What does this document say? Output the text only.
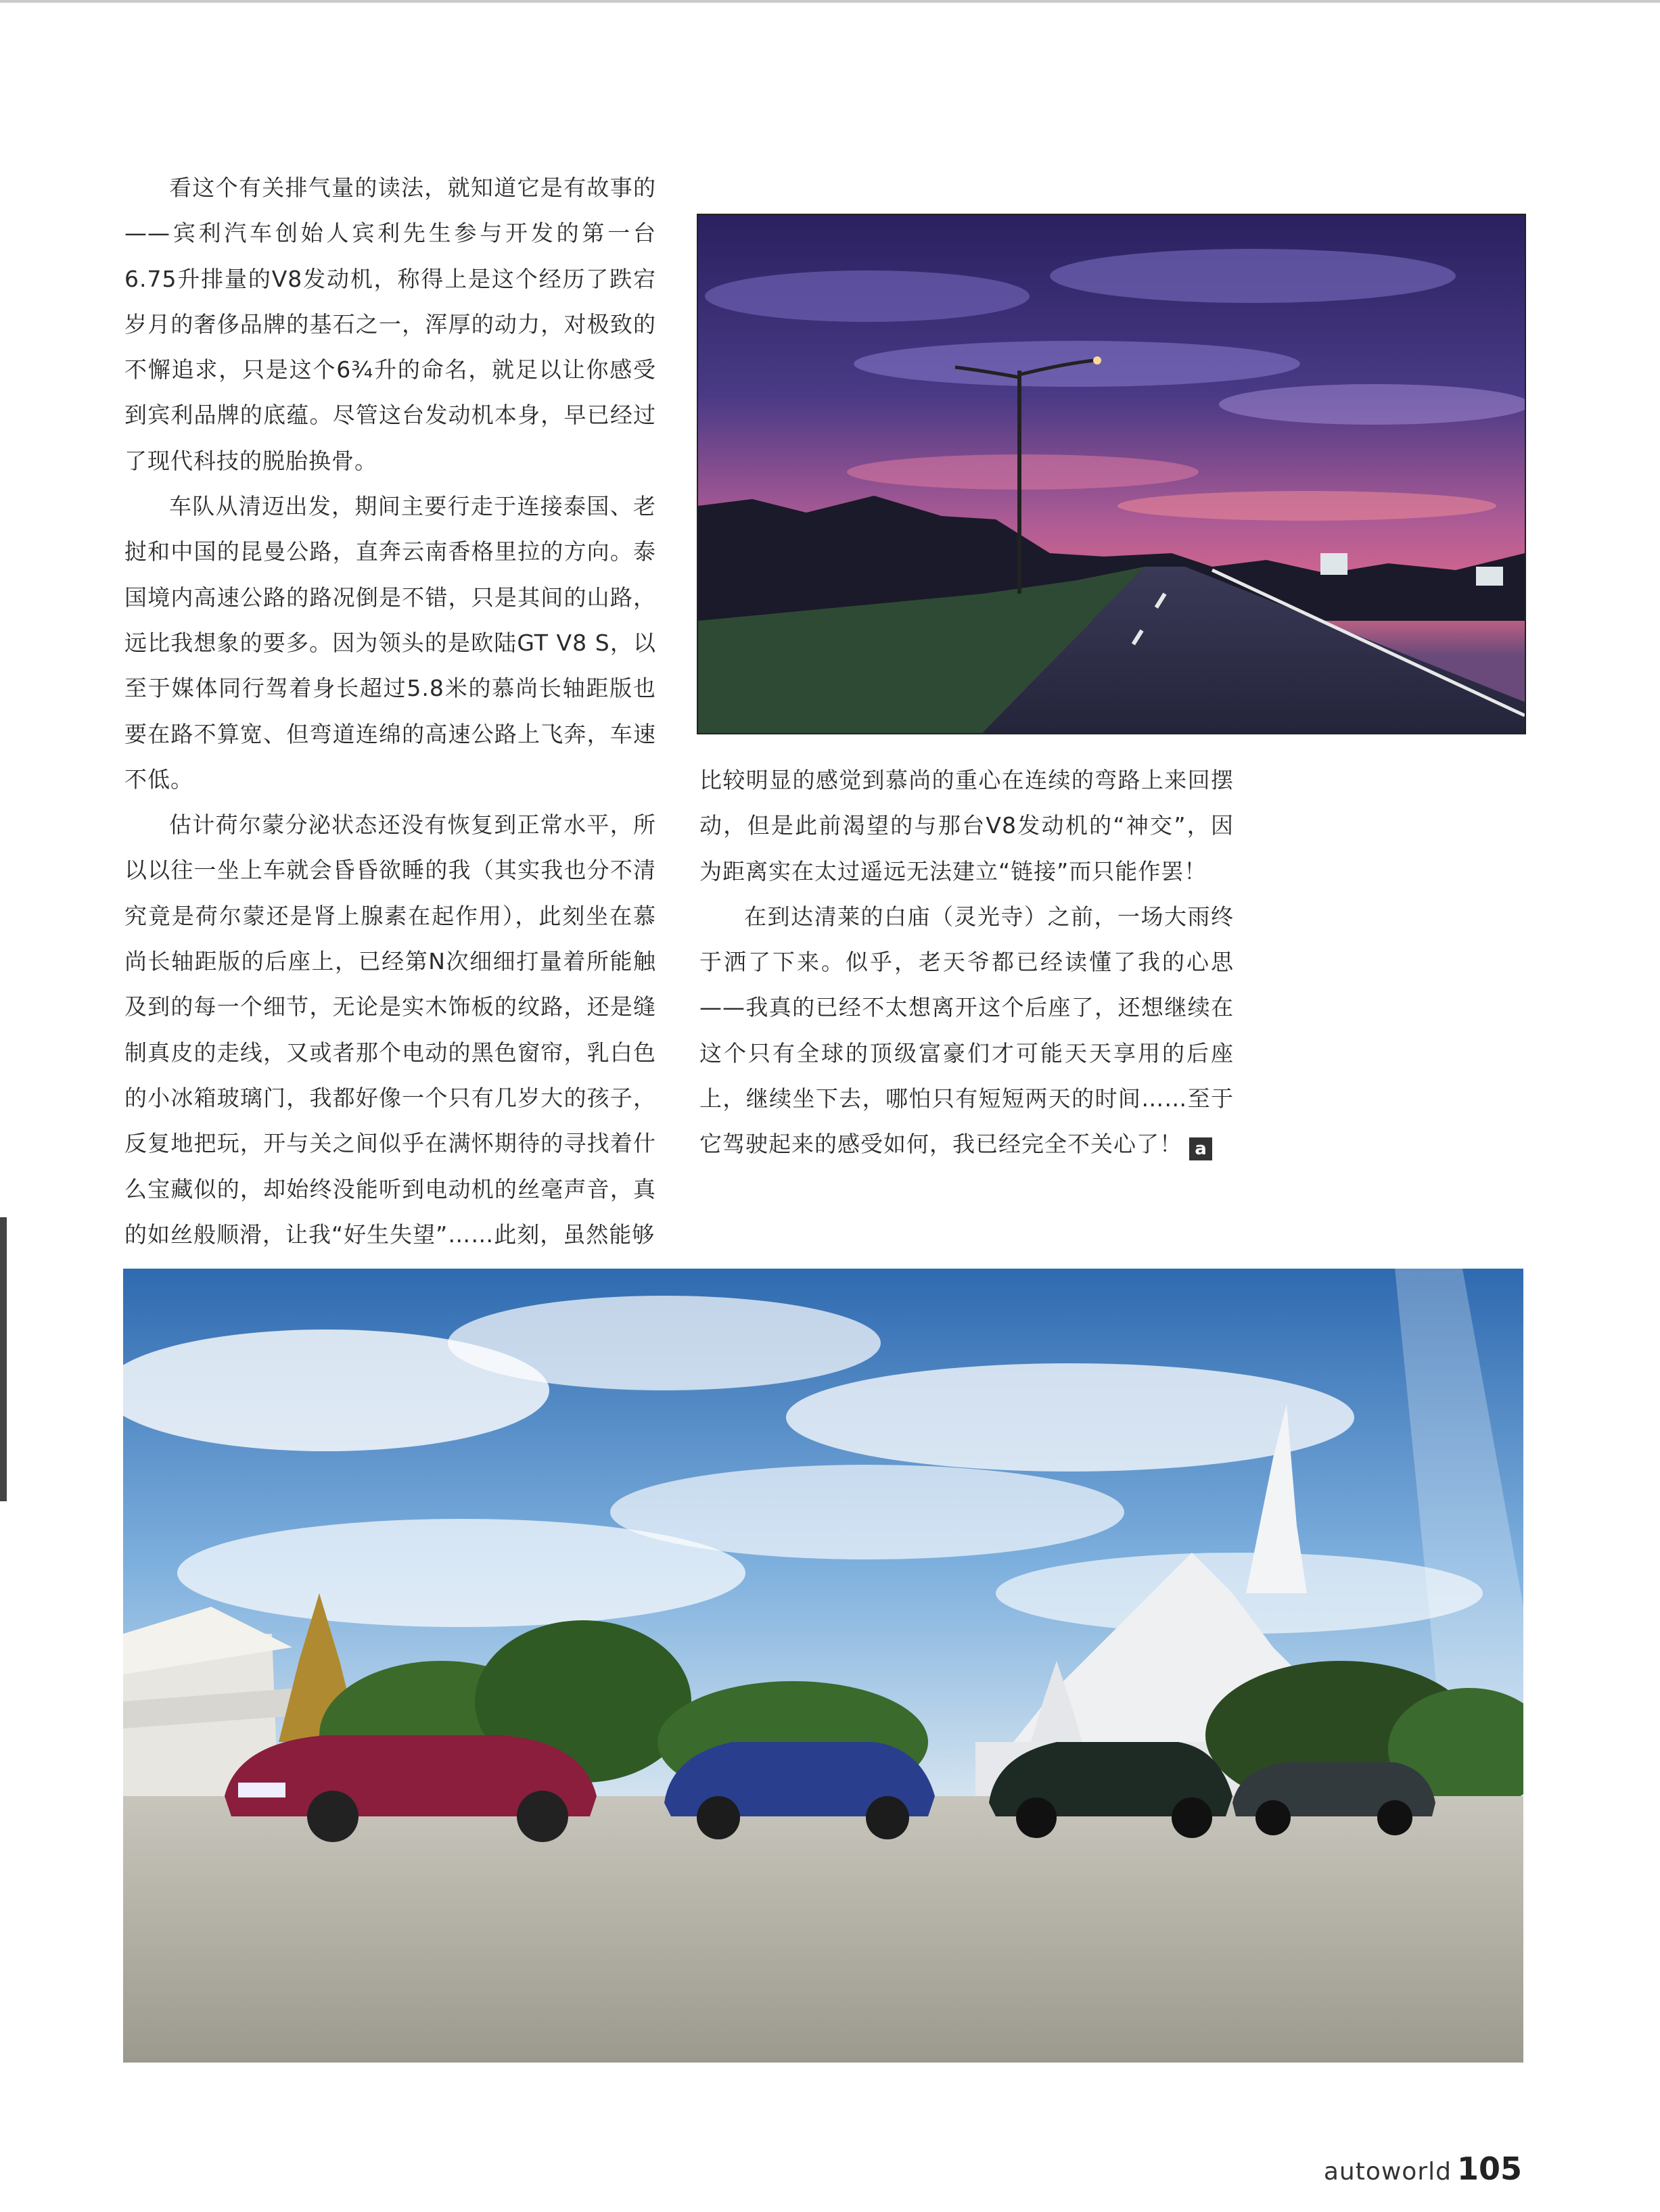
看这个有关排气量的读法，就知道它是有故事的——宾利汽车创始人宾利先生参与开发的第一台6.75升排量的V8发动机，称得上是这个经历了跌宕岁月的奢侈品牌的基石之一，浑厚的动力，对极致的不懈追求，只是这个6¾升的命名，就足以让你感受到宾利品牌的底蕴。尽管这台发动机本身，早已经过了现代科技的脱胎换骨。

车队从清迈出发，期间主要行走于连接泰国、老挝和中国的昆曼公路，直奔云南香格里拉的方向。泰国境内高速公路的路况倒是不错，只是其间的山路，远比我想象的要多。因为领头的是欧陆GT V8 S，以至于媒体同行驾着身长超过5.8米的慕尚长轴距版也要在路不算宽、但弯道连绵的高速公路上飞奔，车速不低。

估计荷尔蒙分泌状态还没有恢复到正常水平，所以以往一坐上车就会昏昏欲睡的我（其实我也分不清究竟是荷尔蒙还是肾上腺素在起作用），此刻坐在慕尚长轴距版的后座上，已经第N次细细打量着所能触及到的每一个细节，无论是实木饰板的纹路，还是缝制真皮的走线，又或者那个电动的黑色窗帘，乳白色的小冰箱玻璃门，我都好像一个只有几岁大的孩子，反复地把玩，开与关之间似乎在满怀期待的寻找着什么宝藏似的，却始终没能听到电动机的丝毫声音，真的如丝般顺滑，让我“好生失望”……此刻，虽然能够

比较明显的感觉到慕尚的重心在连续的弯路上来回摆动，但是此前渴望的与那台V8发动机的“神交”，因为距离实在太过遥远无法建立“链接”而只能作罢！

在到达清莱的白庙（灵光寺）之前，一场大雨终于洒了下来。似乎，老天爷都已经读懂了我的心思——我真的已经不太想离开这个后座了，还想继续在这个只有全球的顶级富豪们才可能天天享用的后座上，继续坐下去，哪怕只有短短两天的时间……至于它驾驶起来的感受如何，我已经完全不关心了！ a

autoworld 105
